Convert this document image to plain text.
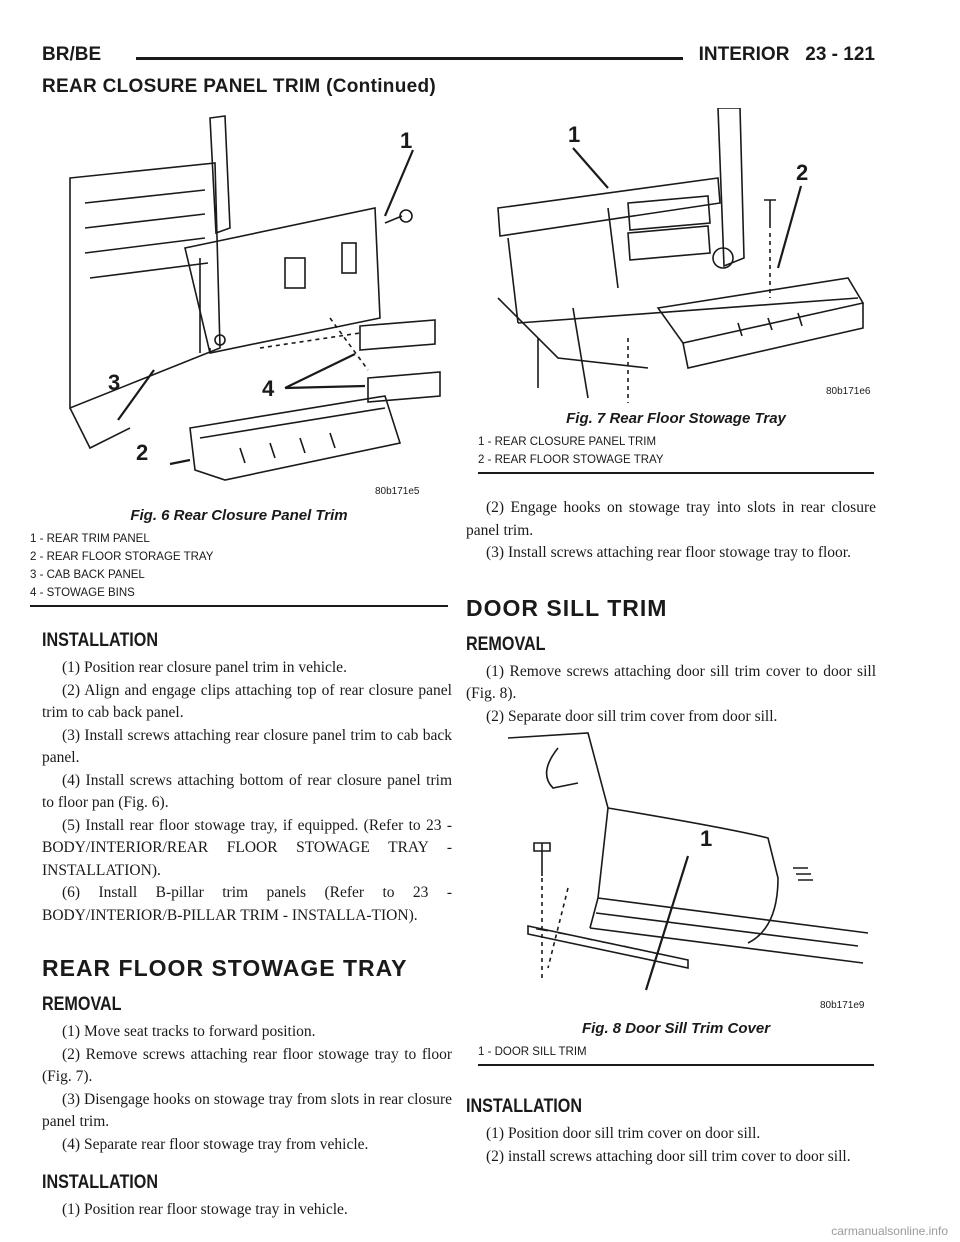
BR/BE	INTERIOR 23 - 121
REAR CLOSURE PANEL TRIM (Continued)
1
2
3	4
80b171e5
Fig. 6 Rear Closure Panel Trim
1 - REAR TRIM PANEL
2 - REAR FLOOR STORAGE TRAY
3 - CAB BACK PANEL
4 - STOWAGE BINS
1
2
80b171e6
Fig. 7 Rear Floor Stowage Tray
1 - REAR CLOSURE PANEL TRIM
2 - REAR FLOOR STOWAGE TRAY
INSTALLATION

(1) Position rear closure panel trim in vehicle.

(2) Align and engage clips attaching top of rear closure panel trim to cab back panel.

(3) Install screws attaching rear closure panel trim to cab back panel.

(4) Install screws attaching bottom of rear closure panel trim to floor pan (Fig. 6).

(5) Install rear floor stowage tray, if equipped. (Refer to 23 - BODY/INTERIOR/REAR FLOOR STOWAGE TRAY - INSTALLATION).

(6) Install B-pillar trim panels (Refer to 23 - BODY/INTERIOR/B-PILLAR TRIM - INSTALLA-TION).

REAR FLOOR STOWAGE TRAY
REMOVAL

(1) Move seat tracks to forward position.

(2) Remove screws attaching rear floor stowage tray to floor (Fig. 7).

(3) Disengage hooks on stowage tray from slots in rear closure panel trim.

(4) Separate rear floor stowage tray from vehicle.

INSTALLATION

(1) Position rear floor stowage tray in vehicle.

(2) Engage hooks on stowage tray into slots in rear closure panel trim.

(3) Install screws attaching rear floor stowage tray to floor.

DOOR SILL TRIM
REMOVAL

(1) Remove screws attaching door sill trim cover to door sill (Fig. 8).

(2) Separate door sill trim cover from door sill.

1
80b171e9
Fig. 8 Door Sill Trim Cover
1 - DOOR SILL TRIM
INSTALLATION

(1) Position door sill trim cover on door sill.

(2) install screws attaching door sill trim cover to door sill.

carmanualsonline.info
